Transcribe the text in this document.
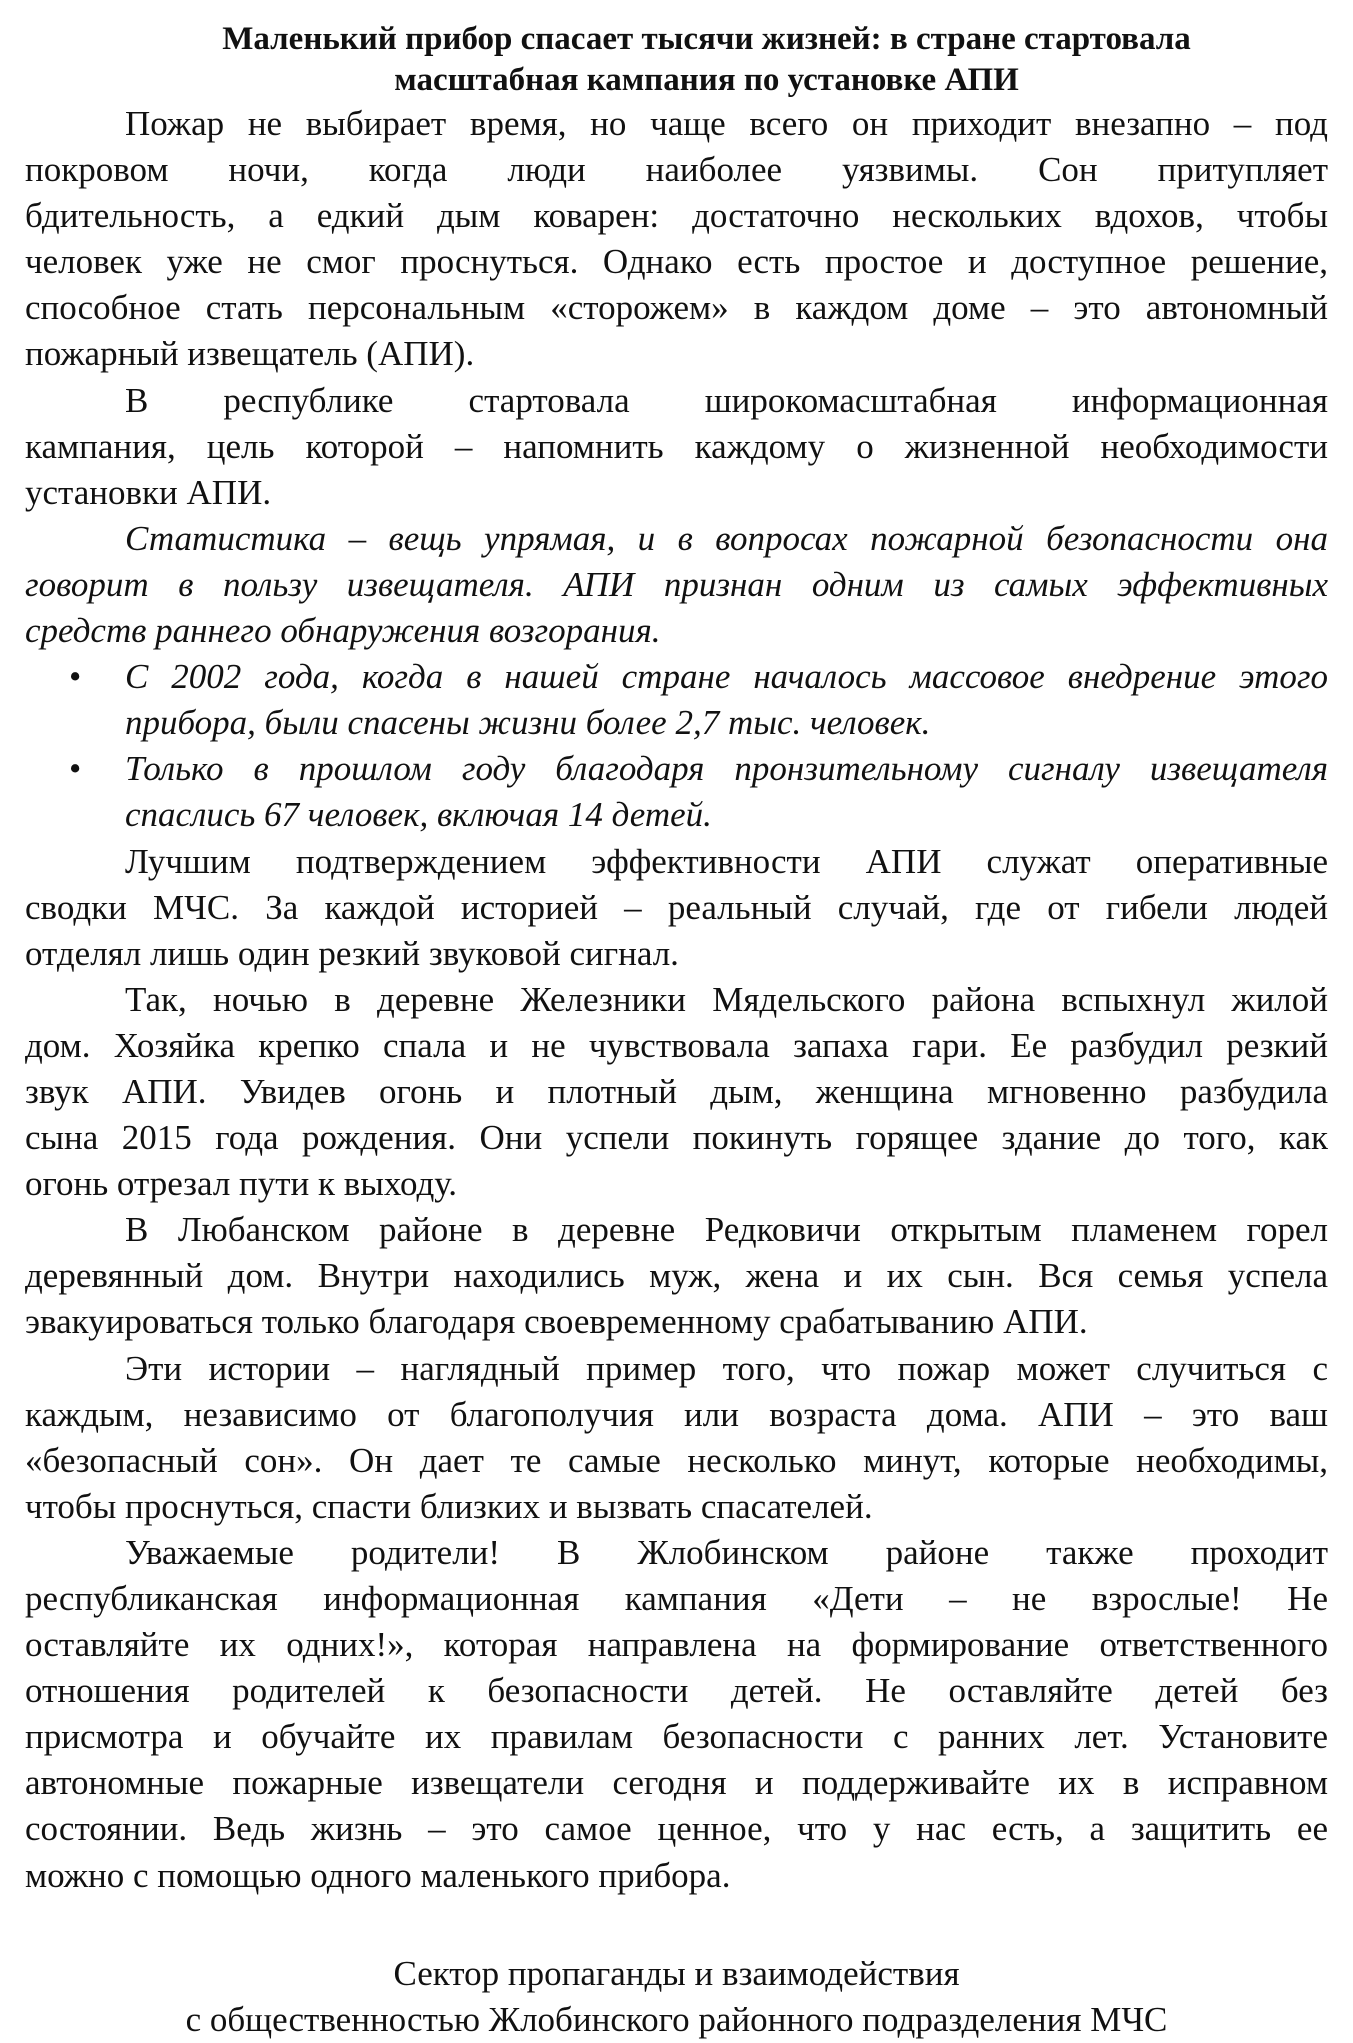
Маленький прибор спасает тысячи жизней: в стране стартовала
масштабная кампания по установке АПИ
Пожар не выбирает время, но чаще всего он приходит внезапно – под
покровом ночи, когда люди наиболее уязвимы. Сон притупляет
бдительность, а едкий дым коварен: достаточно нескольких вдохов, чтобы
человек уже не смог проснуться. Однако есть простое и доступное решение,
способное стать персональным «сторожем» в каждом доме – это автономный
пожарный извещатель (АПИ).
В республике стартовала широкомасштабная информационная
кампания, цель которой – напомнить каждому о жизненной необходимости
установки АПИ.
Статистика – вещь упрямая, и в вопросах пожарной безопасности она
говорит в пользу извещателя. АПИ признан одним из самых эффективных
средств раннего обнаружения возгорания.
• С 2002 года, когда в нашей стране началось массовое внедрение этого
прибора, были спасены жизни более 2,7 тыс. человек.
• Только в прошлом году благодаря пронзительному сигналу извещателя
спаслись 67 человек, включая 14 детей.
Лучшим подтверждением эффективности АПИ служат оперативные
сводки МЧС. За каждой историей – реальный случай, где от гибели людей
отделял лишь один резкий звуковой сигнал.
Так, ночью в деревне Железники Мядельского района вспыхнул жилой
дом. Хозяйка крепко спала и не чувствовала запаха гари. Ее разбудил резкий
звук АПИ. Увидев огонь и плотный дым, женщина мгновенно разбудила
сына 2015 года рождения. Они успели покинуть горящее здание до того, как
огонь отрезал пути к выходу.
В Любанском районе в деревне Редковичи открытым пламенем горел
деревянный дом. Внутри находились муж, жена и их сын. Вся семья успела
эвакуироваться только благодаря своевременному срабатыванию АПИ.
Эти истории – наглядный пример того, что пожар может случиться с
каждым, независимо от благополучия или возраста дома. АПИ – это ваш
«безопасный сон». Он дает те самые несколько минут, которые необходимы,
чтобы проснуться, спасти близких и вызвать спасателей.
Уважаемые родители! В Жлобинском районе также проходит
республиканская информационная кампания «Дети – не взрослые! Не
оставляйте их одних!», которая направлена на формирование ответственного
отношения родителей к безопасности детей. Не оставляйте детей без
присмотра и обучайте их правилам безопасности с ранних лет. Установите
автономные пожарные извещатели сегодня и поддерживайте их в исправном
состоянии. Ведь жизнь – это самое ценное, что у нас есть, а защитить ее
можно с помощью одного маленького прибора.
Сектор пропаганды и взаимодействия
с общественностью Жлобинского районного подразделения МЧС
